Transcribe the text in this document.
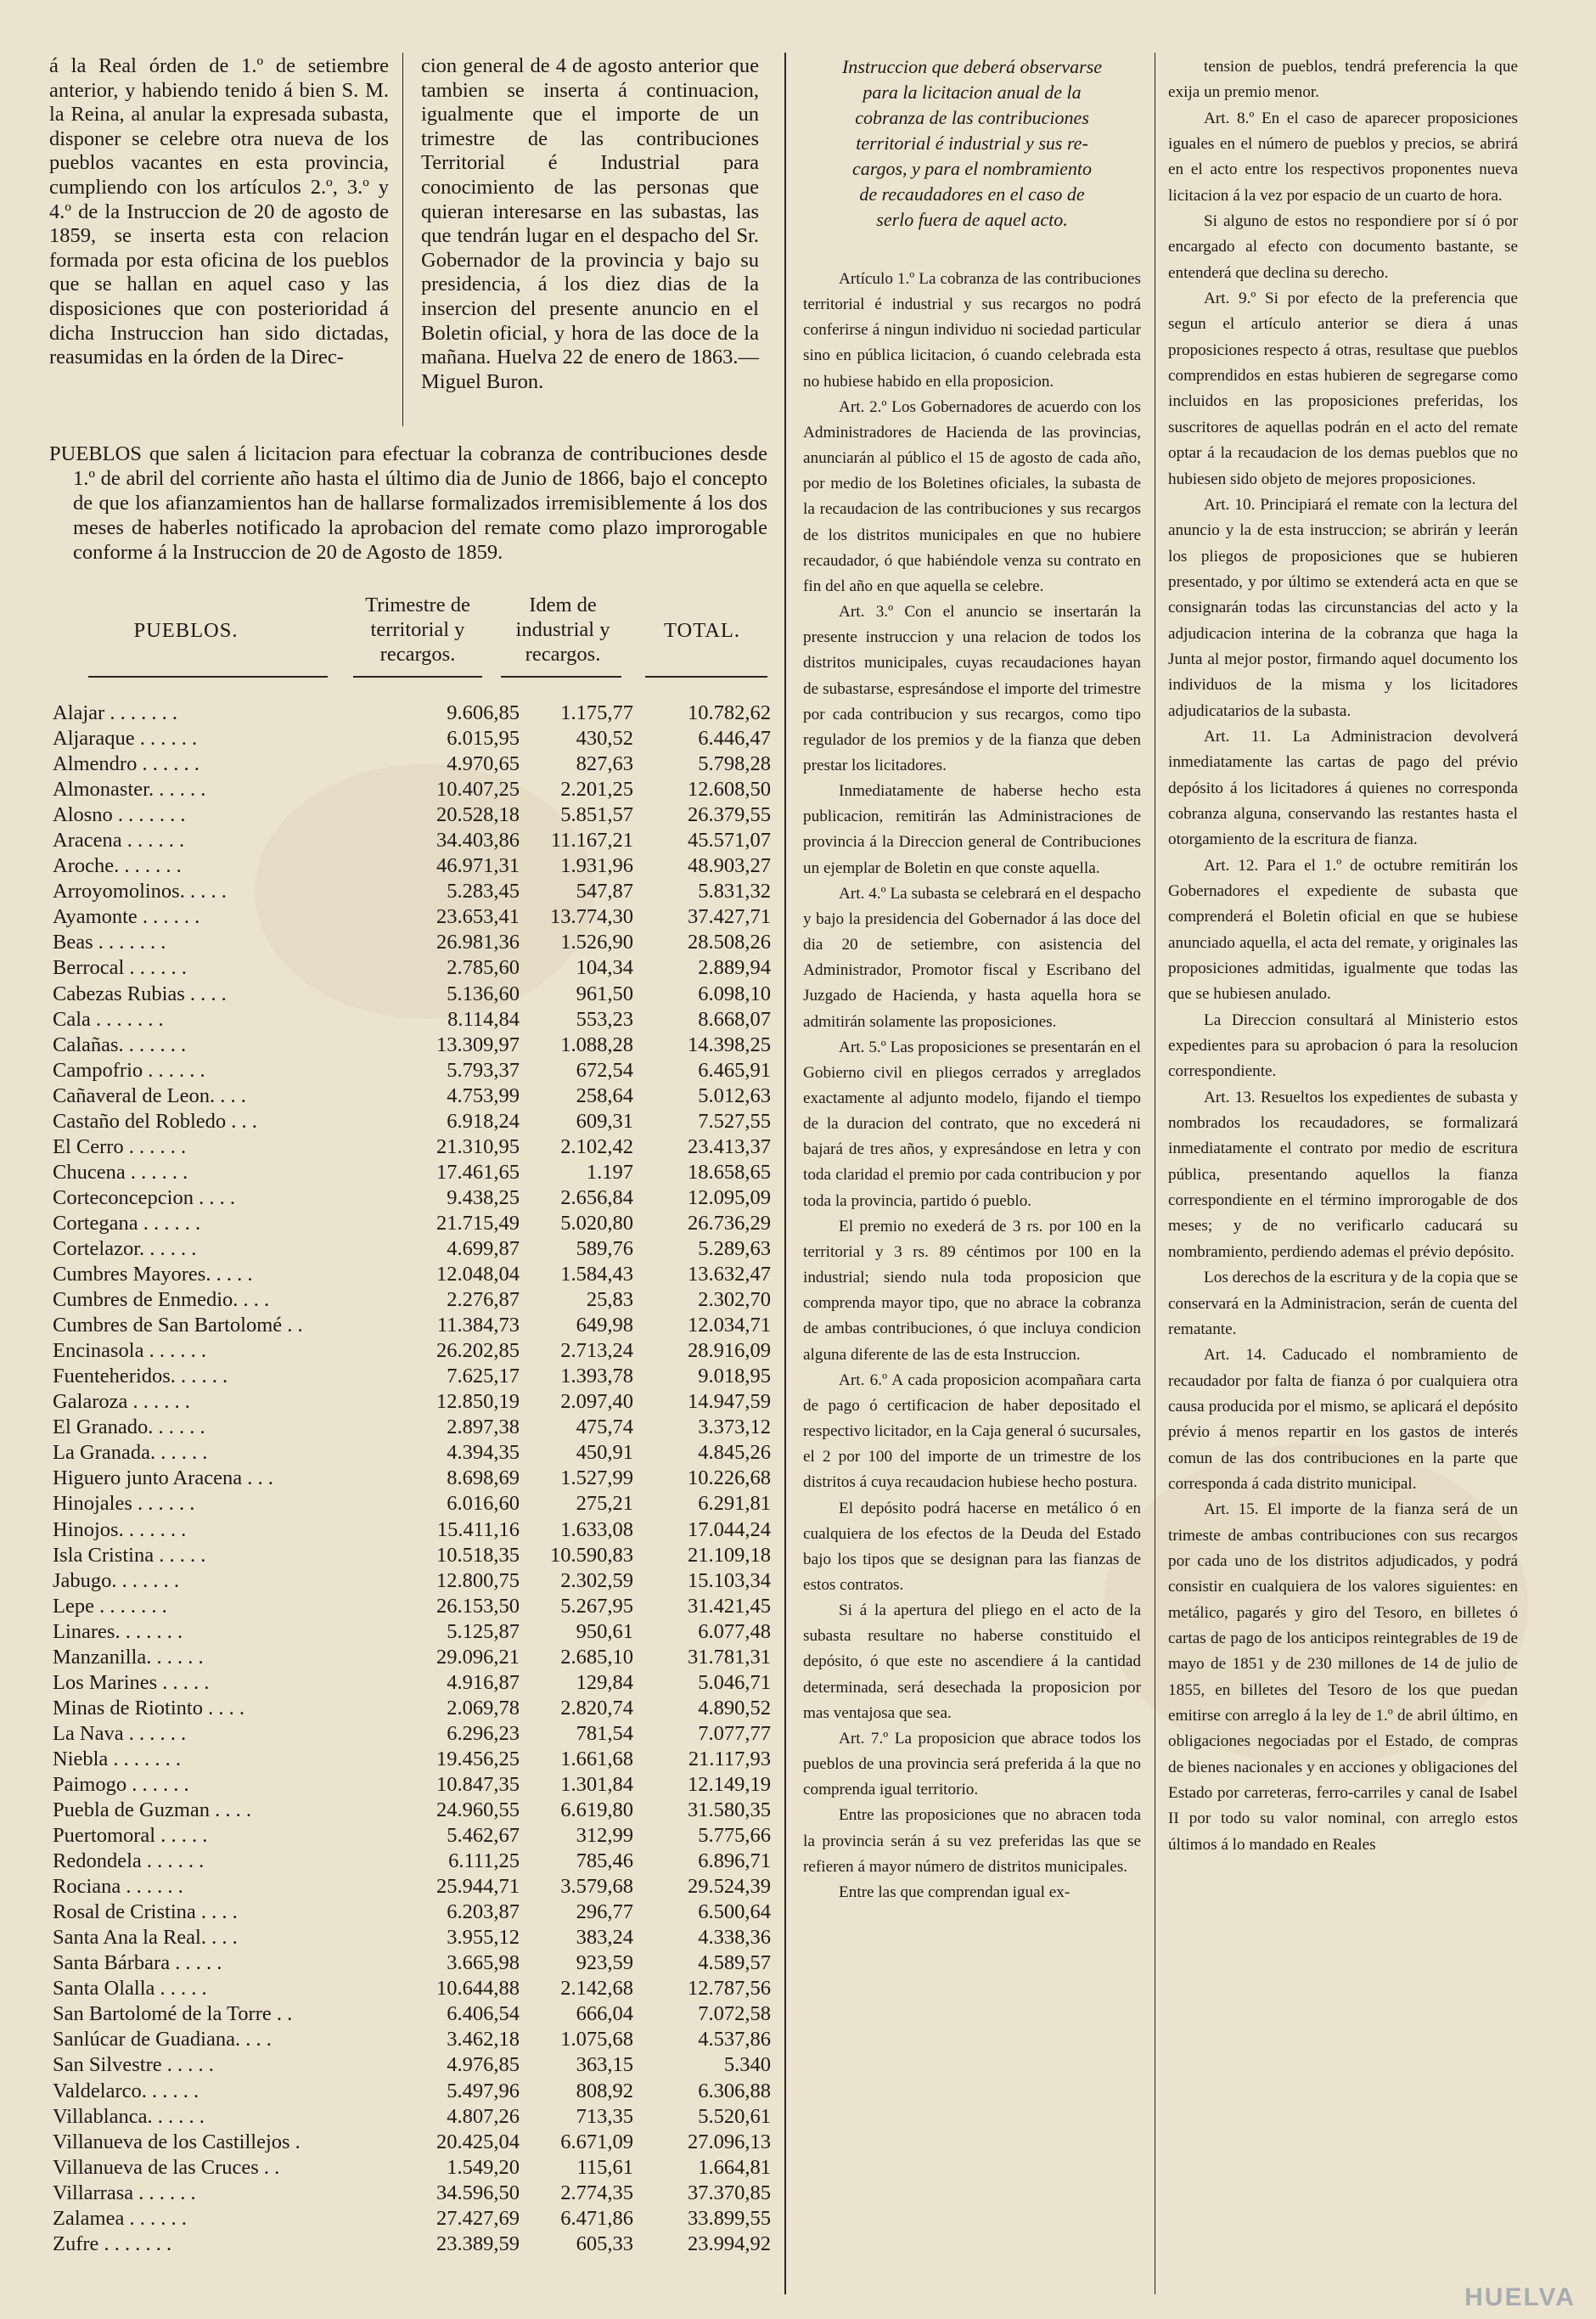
á la Real órden de 1.º de setiembre anterior, y habiendo tenido á bien S. M. la Reina, al anular la expresada subasta, disponer se celebre otra nueva de los pueblos vacantes en esta provincia, cumpliendo con los artículos 2.º, 3.º y 4.º de la Instruccion de 20 de agosto de 1859, se inserta esta con relacion formada por esta oficina de los pueblos que se hallan en aquel caso y las disposiciones que con posterioridad á dicha Instruccion han sido dictadas, reasumidas en la órden de la Direc-

cion general de 4 de agosto anterior que tambien se inserta á continuacion, igualmente que el importe de un trimestre de las contribuciones Territorial é Industrial para conocimiento de las personas que quieran interesarse en las subastas, las que tendrán lugar en el despacho del Sr. Gobernador de la provincia y bajo su presidencia, á los diez dias de la insercion del presente anuncio en el Boletin oficial, y hora de las doce de la mañana. Huelva 22 de enero de 1863.—Miguel Buron.

PUEBLOS que salen á licitacion para efectuar la cobranza de contribuciones desde 1.º de abril del corriente año hasta el último dia de Junio de 1866, bajo el concepto de que los afianzamientos han de hallarse formalizados irremisiblemente á los dos meses de haberles notificado la aprobacion del remate como plazo improrogable conforme á la Instruccion de 20 de Agosto de 1859.

PUEBLOS.
Trimestre de territorial y recargos.
Idem de industrial y recargos.
TOTAL.
Alajar . . . . . . .	9.606,85 1.175,77	10.782,62
Aljaraque . . . . . .	6.015,95	430,52	6.446,47
Almendro . . . . . .	4.970,65	827,63	5.798,28
Almonaster. . . . . .	10.407,25 2.201,25	12.608,50
Alosno . . . . . . .	20.528,18 5.851,57	26.379,55
Aracena . . . . . .	34.403,86 11.167,21	45.571,07
Aroche. . . . . . .	46.971,31 1.931,96	48.903,27
Arroyomolinos. . . . .	5.283,45	547,87	5.831,32
Ayamonte . . . . . .	23.653,41 13.774,30	37.427,71
Beas . . . . . . .	26.981,36 1.526,90	28.508,26
Berrocal . . . . . .	2.785,60	104,34	2.889,94
Cabezas Rubias . . . .	5.136,60	961,50	6.098,10
Cala . . . . . . .	8.114,84	553,23	8.668,07
Calañas. . . . . . .	13.309,97 1.088,28	14.398,25
Campofrio . . . . . .	5.793,37	672,54	6.465,91
Cañaveral de Leon. . . .	4.753,99	258,64	5.012,63
Castaño del Robledo . . .	6.918,24	609,31	7.527,55
El Cerro . . . . . .	21.310,95 2.102,42	23.413,37
Chucena . . . . . .	17.461,65	1.197	18.658,65
Corteconcepcion . . . .	9.438,25 2.656,84	12.095,09
Cortegana . . . . . .	21.715,49 5.020,80	26.736,29
Cortelazor. . . . . .	4.699,87	589,76	5.289,63
Cumbres Mayores. . . . .	12.048,04 1.584,43	13.632,47
Cumbres de Enmedio. . . .	2.276,87	25,83	2.302,70
Cumbres de San Bartolomé . .	11.384,73	649,98	12.034,71
Encinasola . . . . . .	26.202,85 2.713,24	28.916,09
Fuenteheridos. . . . . .	7.625,17 1.393,78	9.018,95
Galaroza . . . . . .	12.850,19 2.097,40	14.947,59
El Granado. . . . . .	2.897,38	475,74	3.373,12
La Granada. . . . . .	4.394,35	450,91	4.845,26
Higuero junto Aracena . . .	8.698,69 1.527,99	10.226,68
Hinojales . . . . . .	6.016,60	275,21	6.291,81
Hinojos. . . . . . .	15.411,16 1.633,08	17.044,24
Isla Cristina . . . . .	10.518,35 10.590,83	21.109,18
Jabugo. . . . . . .	12.800,75 2.302,59	15.103,34
Lepe . . . . . . .	26.153,50 5.267,95	31.421,45
Linares. . . . . . .	5.125,87	950,61	6.077,48
Manzanilla. . . . . .	29.096,21 2.685,10	31.781,31
Los Marines . . . . .	4.916,87	129,84	5.046,71
Minas de Riotinto . . . .	2.069,78 2.820,74	4.890,52
La Nava . . . . . .	6.296,23	781,54	7.077,77
Niebla . . . . . . .	19.456,25 1.661,68	21.117,93
Paimogo . . . . . .	10.847,35 1.301,84	12.149,19
Puebla de Guzman . . . .	24.960,55 6.619,80	31.580,35
Puertomoral . . . . .	5.462,67	312,99	5.775,66
Redondela . . . . . .	6.111,25	785,46	6.896,71
Rociana . . . . . .	25.944,71 3.579,68	29.524,39
Rosal de Cristina . . . .	6.203,87	296,77	6.500,64
Santa Ana la Real. . . .	3.955,12	383,24	4.338,36
Santa Bárbara . . . . .	3.665,98	923,59	4.589,57
Santa Olalla . . . . .	10.644,88 2.142,68	12.787,56
San Bartolomé de la Torre . .	6.406,54	666,04	7.072,58
Sanlúcar de Guadiana. . . .	3.462,18 1.075,68	4.537,86
San Silvestre . . . . .	4.976,85	363,15	5.340
Valdelarco. . . . . .	5.497,96	808,92	6.306,88
Villablanca. . . . . .	4.807,26	713,35	5.520,61
Villanueva de los Castillejos .	20.425,04 6.671,09	27.096,13
Villanueva de las Cruces . .	1.549,20	115,61	1.664,81
Villarrasa . . . . . .	34.596,50 2.774,35	37.370,85
Zalamea . . . . . .	27.427,69 6.471,86	33.899,55
Zufre . . . . . . .	23.389,59	605,33	23.994,92
Instruccion que deberá observarse
para la licitacion anual de la
cobranza de las contribuciones
territorial é industrial y sus re-
cargos, y para el nombramiento
de recaudadores en el caso de
serlo fuera de aquel acto.

Artículo 1.º La cobranza de las contribuciones territorial é industrial y sus recargos no podrá conferirse á ningun individuo ni sociedad particular sino en pública licitacion, ó cuando celebrada esta no hubiese habido en ella proposicion.

Art. 2.º Los Gobernadores de acuerdo con los Administradores de Hacienda de las provincias, anunciarán al público el 15 de agosto de cada año, por medio de los Boletines oficiales, la subasta de la recaudacion de las contribuciones y sus recargos de los distritos municipales en que no hubiere recaudador, ó que habiéndole venza su contrato en fin del año en que aquella se celebre.

Art. 3.º Con el anuncio se insertarán la presente instruccion y una relacion de todos los distritos municipales, cuyas recaudaciones hayan de subastarse, espresándose el importe del trimestre por cada contribucion y sus recargos, como tipo regulador de los premios y de la fianza que deben prestar los licitadores.

Inmediatamente de haberse hecho esta publicacion, remitirán las Administraciones de provincia á la Direccion general de Contribuciones un ejemplar de Boletin en que conste aquella.

Art. 4.º La subasta se celebrará en el despacho y bajo la presidencia del Gobernador á las doce del dia 20 de setiembre, con asistencia del Administrador, Promotor fiscal y Escribano del Juzgado de Hacienda, y hasta aquella hora se admitirán solamente las proposiciones.

Art. 5.º Las proposiciones se presentarán en el Gobierno civil en pliegos cerrados y arreglados exactamente al adjunto modelo, fijando el tiempo de la duracion del contrato, que no excederá ni bajará de tres años, y expresándose en letra y con toda claridad el premio por cada contribucion y por toda la provincia, partido ó pueblo.

El premio no exederá de 3 rs. por 100 en la territorial y 3 rs. 89 céntimos por 100 en la industrial; siendo nula toda proposicion que comprenda mayor tipo, que no abrace la cobranza de ambas contribuciones, ó que incluya condicion alguna diferente de las de esta Instruccion.

Art. 6.º A cada proposicion acompañara carta de pago ó certificacion de haber depositado el respectivo licitador, en la Caja general ó sucursales, el 2 por 100 del importe de un trimestre de los distritos á cuya recaudacion hubiese hecho postura.

El depósito podrá hacerse en metálico ó en cualquiera de los efectos de la Deuda del Estado bajo los tipos que se designan para las fianzas de estos contratos.

Si á la apertura del pliego en el acto de la subasta resultare no haberse constituido el depósito, ó que este no ascendiere á la cantidad determinada, será desechada la proposicion por mas ventajosa que sea.

Art. 7.º La proposicion que abrace todos los pueblos de una provincia será preferida á la que no comprenda igual territorio.

Entre las proposiciones que no abracen toda la provincia serán á su vez preferidas las que se refieren á mayor número de distritos municipales.

Entre las que comprendan igual ex-

tension de pueblos, tendrá preferencia la que exija un premio menor.

Art. 8.º En el caso de aparecer proposiciones iguales en el número de pueblos y precios, se abrirá en el acto entre los respectivos proponentes nueva licitacion á la vez por espacio de un cuarto de hora.

Si alguno de estos no respondiere por sí ó por encargado al efecto con documento bastante, se entenderá que declina su derecho.

Art. 9.º Si por efecto de la preferencia que segun el artículo anterior se diera á unas proposiciones respecto á otras, resultase que pueblos comprendidos en estas hubieren de segregarse como incluidos en las proposiciones preferidas, los suscritores de aquellas podrán en el acto del remate optar á la recaudacion de los demas pueblos que no hubiesen sido objeto de mejores proposiciones.

Art. 10. Principiará el remate con la lectura del anuncio y la de esta instruccion; se abrirán y leerán los pliegos de proposiciones que se hubieren presentado, y por último se extenderá acta en que se consignarán todas las circunstancias del acto y la adjudicacion interina de la cobranza que haga la Junta al mejor postor, firmando aquel documento los individuos de la misma y los licitadores adjudicatarios de la subasta.

Art. 11. La Administracion devolverá inmediatamente las cartas de pago del prévio depósito á los licitadores á quienes no corresponda cobranza alguna, conservando las restantes hasta el otorgamiento de la escritura de fianza.

Art. 12. Para el 1.º de octubre remitirán los Gobernadores el expediente de subasta que comprenderá el Boletin oficial en que se hubiese anunciado aquella, el acta del remate, y originales las proposiciones admitidas, igualmente que todas las que se hubiesen anulado.

La Direccion consultará al Ministerio estos expedientes para su aprobacion ó para la resolucion correspondiente.

Art. 13. Resueltos los expedientes de subasta y nombrados los recaudadores, se formalizará inmediatamente el contrato por medio de escritura pública, presentando aquellos la fianza correspondiente en el término improrogable de dos meses; y de no verificarlo caducará su nombramiento, perdiendo ademas el prévio depósito.

Los derechos de la escritura y de la copia que se conservará en la Administracion, serán de cuenta del rematante.

Art. 14. Caducado el nombramiento de recaudador por falta de fianza ó por cualquiera otra causa producida por el mismo, se aplicará el depósito prévio á menos repartir en los gastos de interés comun de las dos contribuciones en la parte que corresponda á cada distrito municipal.

Art. 15. El importe de la fianza será de un trimeste de ambas contribuciones con sus recargos por cada uno de los distritos adjudicados, y podrá consistir en cualquiera de los valores siguientes: en metálico, pagarés y giro del Tesoro, en billetes ó cartas de pago de los anticipos reintegrables de 19 de mayo de 1851 y de 230 millones de 14 de julio de 1855, en billetes del Tesoro de los que puedan emitirse con arreglo á la ley de 1.º de abril último, en obligaciones negociadas por el Estado, de compras de bienes nacionales y en acciones y obligaciones del Estado por carreteras, ferro-carriles y canal de Isabel II por todo su valor nominal, con arreglo estos últimos á lo mandado en Reales

HUELVA
